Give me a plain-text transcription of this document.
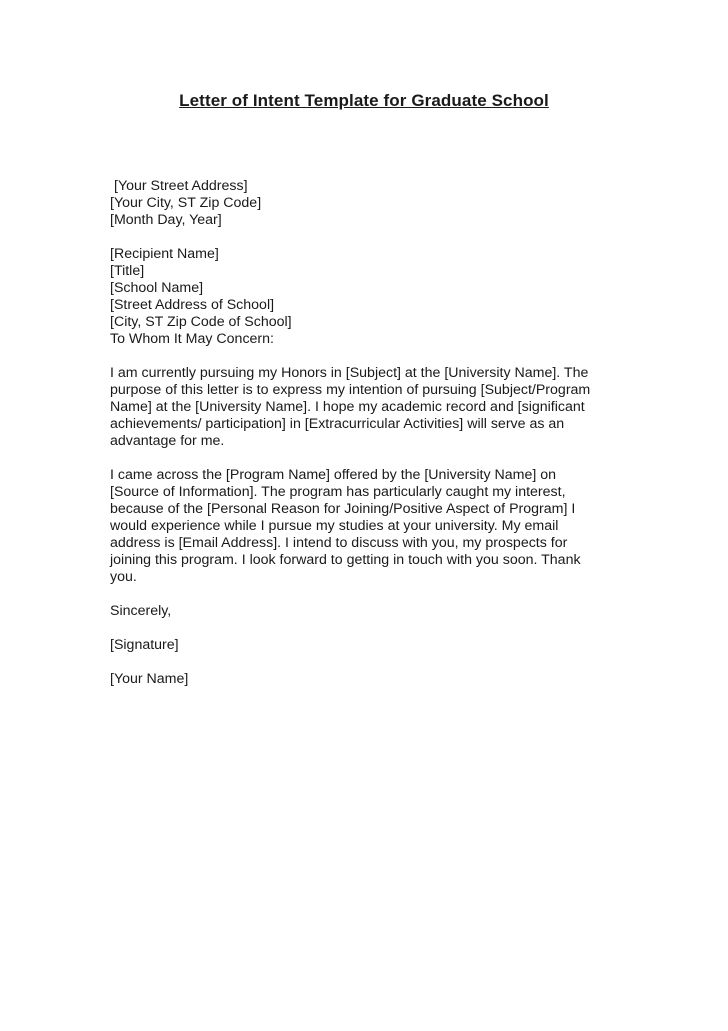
Letter of Intent Template for Graduate School
[Your Street Address]
[Your City, ST Zip Code]
[Month Day, Year]
[Recipient Name]
[Title]
[School Name]
[Street Address of School]
[City, ST Zip Code of School]
To Whom It May Concern:
I am currently pursuing my Honors in [Subject] at the [University Name]. The
purpose of this letter is to express my intention of pursuing [Subject/Program
Name] at the [University Name]. I hope my academic record and [significant
achievements/ participation] in [Extracurricular Activities] will serve as an
advantage for me.
I came across the [Program Name] offered by the [University Name] on
[Source of Information]. The program has particularly caught my interest,
because of the [Personal Reason for Joining/Positive Aspect of Program] I
would experience while I pursue my studies at your university. My email
address is [Email Address]. I intend to discuss with you, my prospects for
joining this program. I look forward to getting in touch with you soon. Thank
you.
Sincerely,
[Signature]
[Your Name]
